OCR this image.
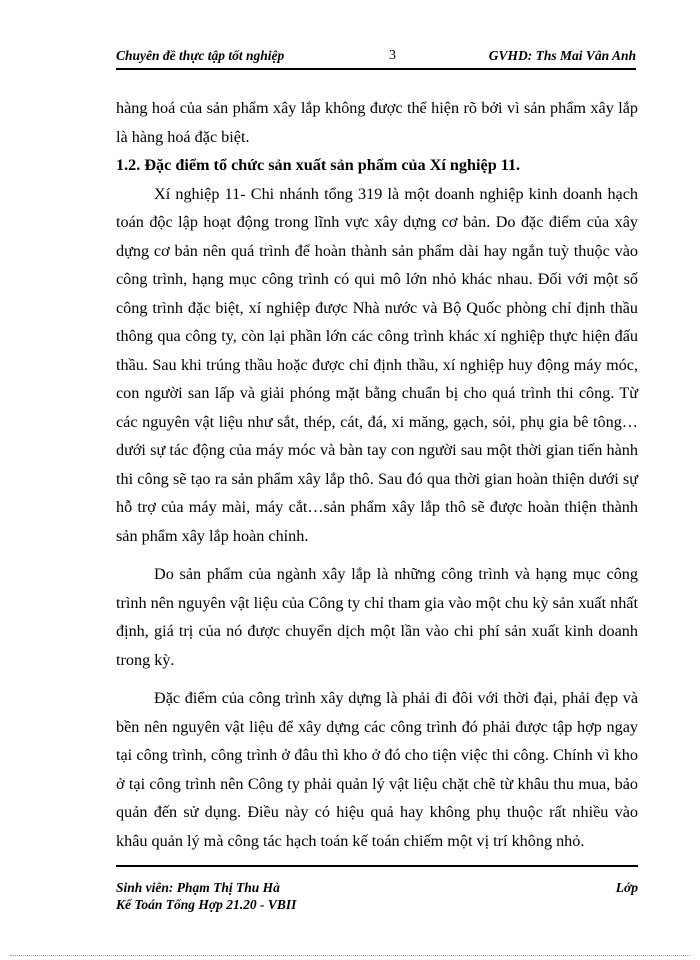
Chuyên đề thực tập tốt nghiệp	3	GVHD: Ths Mai Vân Anh

hàng hoá của sản phẩm xây lắp không được thể hiện rõ bởi vì sản phẩm xây lắp là hàng hoá đặc biệt.

1.2. Đặc điểm tổ chức sản xuất sản phẩm của Xí nghiệp 11.

Xí nghiệp 11- Chi nhánh tổng 319 là một doanh nghiệp kinh doanh hạch toán độc lập hoạt động trong lĩnh vực xây dựng cơ bản. Do đặc điểm của xây dựng cơ bản nên quá trình để hoàn thành sản phẩm dài hay ngắn tuỳ thuộc vào công trình, hạng mục công trình có qui mô lớn nhỏ khác nhau. Đối với một số công trình đặc biệt, xí nghiệp được Nhà nước và Bộ Quốc phòng chỉ định thầu thông qua công ty, còn lại phần lớn các công trình khác xí nghiệp thực hiện đấu thầu. Sau khi trúng thầu hoặc được chỉ định thầu, xí nghiệp huy động máy móc, con người san lấp và giải phóng mặt bằng chuẩn bị cho quá trình thi công. Từ các nguyên vật liệu như sắt, thép, cát, đá, xi măng, gạch, sỏi, phụ gia bê tông…dưới sự tác động của máy móc và bàn tay con người sau một thời gian tiến hành thi công sẽ tạo ra sản phẩm xây lắp thô. Sau đó qua thời gian hoàn thiện dưới sự hỗ trợ của máy mài, máy cắt…sản phẩm xây lắp thô sẽ được hoàn thiện thành sản phẩm xây lắp hoàn chỉnh.

Do sản phẩm của ngành xây lắp là những công trình và hạng mục công trình nên nguyên vật liệu của Công ty chỉ tham gia vào một chu kỳ sản xuất nhất định, giá trị của nó được chuyển dịch một lần vào chi phí sản xuất kinh doanh trong kỳ.

Đặc điểm của công trình xây dựng là phải đi đôi với thời đại, phải đẹp và bền nên nguyên vật liệu để xây dựng các công trình đó phải được tập hợp ngay tại công trình, công trình ở đâu thì kho ở đó cho tiện việc thi công. Chính vì kho ở tại công trình nên Công ty phải quản lý vật liệu chặt chẽ từ khâu thu mua, bảo quản đến sử dụng. Điều này có hiệu quả hay không phụ thuộc rất nhiều vào khâu quản lý mà công tác hạch toán kế toán chiếm một vị trí không nhỏ.

Sinh viên: Phạm Thị Thu Hà	Lớp
Kế Toán Tổng Hợp 21.20 - VBII
